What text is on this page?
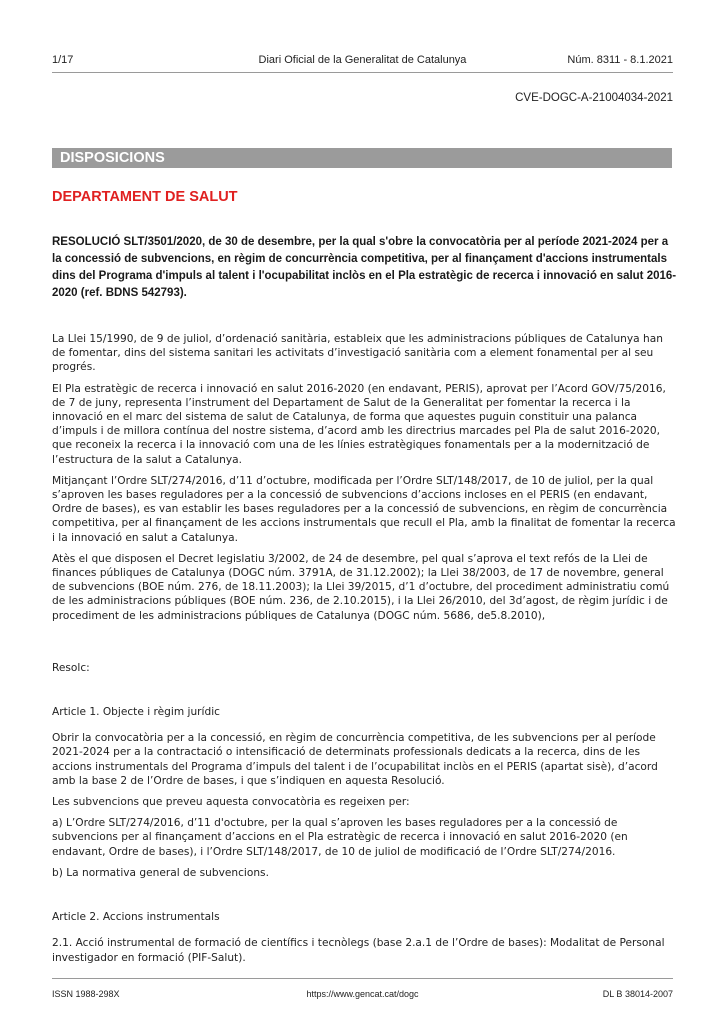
1/17	Diari Oficial de la Generalitat de Catalunya	Núm. 8311 - 8.1.2021
CVE-DOGC-A-21004034-2021
DISPOSICIONS
DEPARTAMENT DE SALUT
RESOLUCIÓ SLT/3501/2020, de 30 de desembre, per la qual s'obre la convocatòria per al període 2021-2024 per a la concessió de subvencions, en règim de concurrència competitiva, per al finançament d'accions instrumentals dins del Programa d'impuls al talent i l'ocupabilitat inclòs en el Pla estratègic de recerca i innovació en salut 2016-2020 (ref. BDNS 542793).

La Llei 15/1990, de 9 de juliol, d’ordenació sanitària, estableix que les administracions públiques de Catalunya han de fomentar, dins del sistema sanitari les activitats d’investigació sanitària com a element fonamental per al seu progrés.

El Pla estratègic de recerca i innovació en salut 2016-2020 (en endavant, PERIS), aprovat per l’Acord GOV/75/2016, de 7 de juny, representa l’instrument del Departament de Salut de la Generalitat per fomentar la recerca i la innovació en el marc del sistema de salut de Catalunya, de forma que aquestes puguin constituir una palanca d’impuls i de millora contínua del nostre sistema, d’acord amb les directrius marcades pel Pla de salut 2016-2020, que reconeix la recerca i la innovació com una de les línies estratègiques fonamentals per a la modernització de l’estructura de la salut a Catalunya.

Mitjançant l’Ordre SLT/274/2016, d’11 d’octubre, modificada per l’Ordre SLT/148/2017, de 10 de juliol, per la qual s’aproven les bases reguladores per a la concessió de subvencions d’accions incloses en el PERIS (en endavant, Ordre de bases), es van establir les bases reguladores per a la concessió de subvencions, en règim de concurrència competitiva, per al finançament de les accions instrumentals que recull el Pla, amb la finalitat de fomentar la recerca i la innovació en salut a Catalunya.

Atès el que disposen el Decret legislatiu 3/2002, de 24 de desembre, pel qual s’aprova el text refós de la Llei de finances públiques de Catalunya (DOGC núm. 3791A, de 31.12.2002); la Llei 38/2003, de 17 de novembre, general de subvencions (BOE núm. 276, de 18.11.2003); la Llei 39/2015, d’1 d’octubre, del procediment administratiu comú de les administracions públiques (BOE núm. 236, de 2.10.2015), i la Llei 26/2010, del 3d’agost, de règim jurídic i de procediment de les administracions públiques de Catalunya (DOGC núm. 5686, de5.8.2010),

Resolc:

Article 1. Objecte i règim jurídic

Obrir la convocatòria per a la concessió, en règim de concurrència competitiva, de les subvencions per al període 2021-2024 per a la contractació o intensificació de determinats professionals dedicats a la recerca, dins de les accions instrumentals del Programa d’impuls del talent i de l’ocupabilitat inclòs en el PERIS (apartat sisè), d’acord amb la base 2 de l’Ordre de bases, i que s’indiquen en aquesta Resolució.

Les subvencions que preveu aquesta convocatòria es regeixen per:

a) L’Ordre SLT/274/2016, d’11 d'octubre, per la qual s’aproven les bases reguladores per a la concessió de subvencions per al finançament d’accions en el Pla estratègic de recerca i innovació en salut 2016-2020 (en endavant, Ordre de bases), i l’Ordre SLT/148/2017, de 10 de juliol de modificació de l’Ordre SLT/274/2016.

b) La normativa general de subvencions.

Article 2. Accions instrumentals

2.1. Acció instrumental de formació de científics i tecnòlegs (base 2.a.1 de l’Ordre de bases): Modalitat de Personal investigador en formació (PIF-Salut).

ISSN 1988-298X	https://www.gencat.cat/dogc	DL B 38014-2007
